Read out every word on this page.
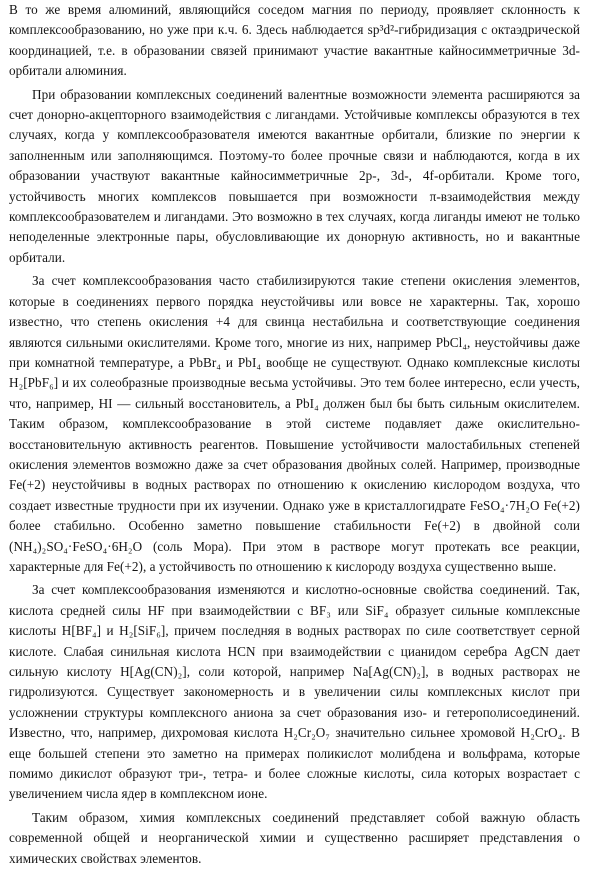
В то же время алюминий, являющийся соседом магния по периоду, проявляет склонность к комплексообразованию, но уже при к.ч. 6. Здесь наблюдается sp³d²-гибридизация с октаэдрической координацией, т.е. в образовании связей принимают участие вакантные кайносимметричные 3d-орбитали алюминия.

При образовании комплексных соединений валентные возможности элемента расширяются за счет донорно-акцепторного взаимодействия с лигандами. Устойчивые комплексы образуются в тех случаях, когда у комплексообразователя имеются вакантные орбитали, близкие по энергии к заполненным или заполняющимся. Поэтому-то более прочные связи и наблюдаются, когда в их образовании участвуют вакантные кайносимметричные 2p-, 3d-, 4f-орбитали. Кроме того, устойчивость многих комплексов повышается при возможности π-взаимодействия между комплексообразователем и лигандами. Это возможно в тех случаях, когда лиганды имеют не только неподеленные электронные пары, обусловливающие их донорную активность, но и вакантные орбитали.

За счет комплексообразования часто стабилизируются такие степени окисления элементов, которые в соединениях первого порядка неустойчивы или вовсе не характерны. Так, хорошо известно, что степень окисления +4 для свинца нестабильна и соответствующие соединения являются сильными окислителями. Кроме того, многие из них, например PbCl₄, неустойчивы даже при комнатной температуре, а PbBr₄ и PbI₄ вообще не существуют. Однако комплексные кислоты H₂[PbF₆] и их солеобразные производные весьма устойчивы. Это тем более интересно, если учесть, что, например, HI — сильный восстановитель, а PbI₄ должен был бы быть сильным окислителем. Таким образом, комплексообразование в этой системе подавляет даже окислительно-восстановительную активность реагентов. Повышение устойчивости малостабильных степеней окисления элементов возможно даже за счет образования двойных солей. Например, производные Fe(+2) неустойчивы в водных растворах по отношению к окислению кислородом воздуха, что создает известные трудности при их изучении. Однако уже в кристаллогидрате FeSO₄·7H₂O Fe(+2) более стабильно. Особенно заметно повышение стабильности Fe(+2) в двойной соли (NH₄)₂SO₄·FeSO₄·6H₂O (соль Мора). При этом в растворе могут протекать все реакции, характерные для Fe(+2), а устойчивость по отношению к кислороду воздуха существенно выше.

За счет комплексообразования изменяются и кислотно-основные свойства соединений. Так, кислота средней силы HF при взаимодействии с BF₃ или SiF₄ образует сильные комплексные кислоты H[BF₄] и H₂[SiF₆], причем последняя в водных растворах по силе соответствует серной кислоте. Слабая синильная кислота HCN при взаимодействии с цианидом серебра AgCN дает сильную кислоту H[Ag(CN)₂], соли которой, например Na[Ag(CN)₂], в водных растворах не гидролизуются. Существует закономерность и в увеличении силы комплексных кислот при усложнении структуры комплексного аниона за счет образования изо- и гетерополисоединений. Известно, что, например, дихромовая кислота H₂Cr₂O₇ значительно сильнее хромовой H₂CrO₄. В еще большей степени это заметно на примерах поликислот молибдена и вольфрама, которые помимо дикислот образуют три-, тетра- и более сложные кислоты, сила которых возрастает с увеличением числа ядер в комплексном ионе.

Таким образом, химия комплексных соединений представляет собой важную область современной общей и неорганической химии и существенно расширяет представления о химических свойствах элементов.
